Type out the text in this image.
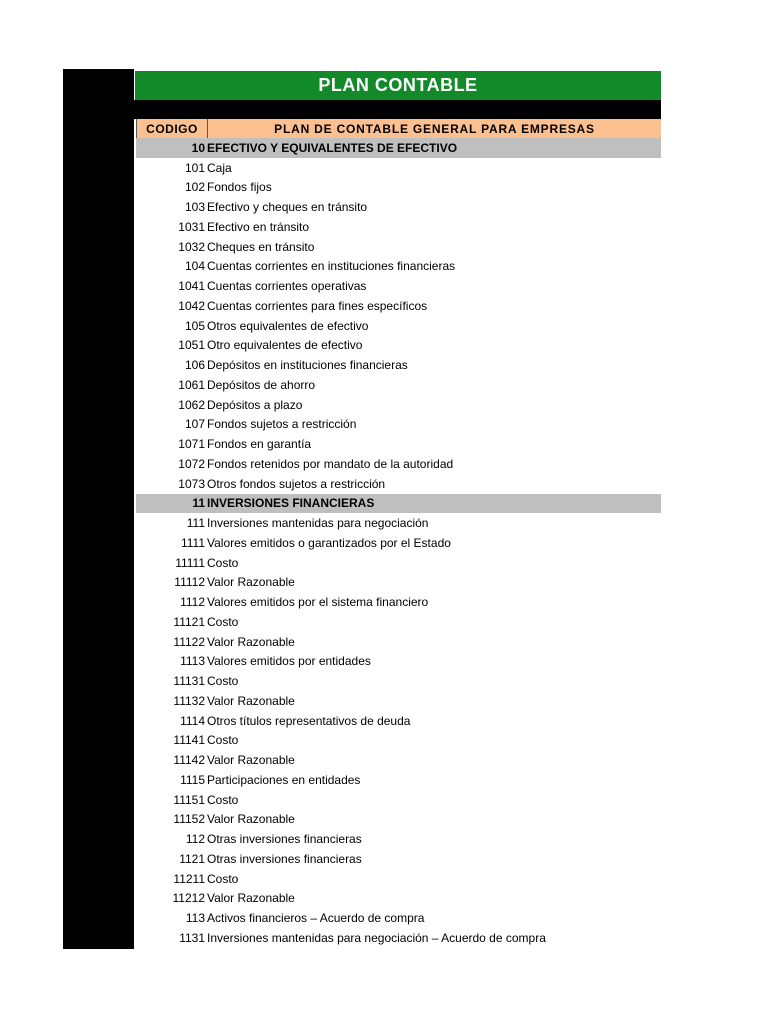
PLAN CONTABLE
CODIGO	PLAN DE CONTABLE GENERAL PARA EMPRESAS
10 EFECTIVO Y EQUIVALENTES DE EFECTIVO
101 Caja
102 Fondos fijos
103 Efectivo y cheques en tránsito
1031 Efectivo en tránsito
1032 Cheques en tránsito
104 Cuentas corrientes en instituciones financieras
1041 Cuentas corrientes operativas
1042 Cuentas corrientes para fines específicos
105 Otros equivalentes de efectivo
1051 Otro equivalentes de efectivo
106 Depósitos en instituciones financieras
1061 Depósitos de ahorro
1062 Depósitos a plazo
107 Fondos sujetos a restricción
1071 Fondos en garantía
1072 Fondos retenidos por mandato de la autoridad
1073 Otros fondos sujetos a restricción
11 INVERSIONES FINANCIERAS
111 Inversiones mantenidas para negociación
1111 Valores emitidos o garantizados por el Estado
11111 Costo
11112 Valor Razonable
1112 Valores emitidos por el sistema financiero
11121 Costo
11122 Valor Razonable
1113 Valores emitidos por entidades
11131 Costo
11132 Valor Razonable
1114 Otros títulos representativos de deuda
11141 Costo
11142 Valor Razonable
1115 Participaciones en entidades
11151 Costo
11152 Valor Razonable
112 Otras inversiones financieras
1121 Otras inversiones financieras
11211 Costo
11212 Valor Razonable
113 Activos financieros – Acuerdo de compra
1131 Inversiones mantenidas para negociación – Acuerdo de compra
